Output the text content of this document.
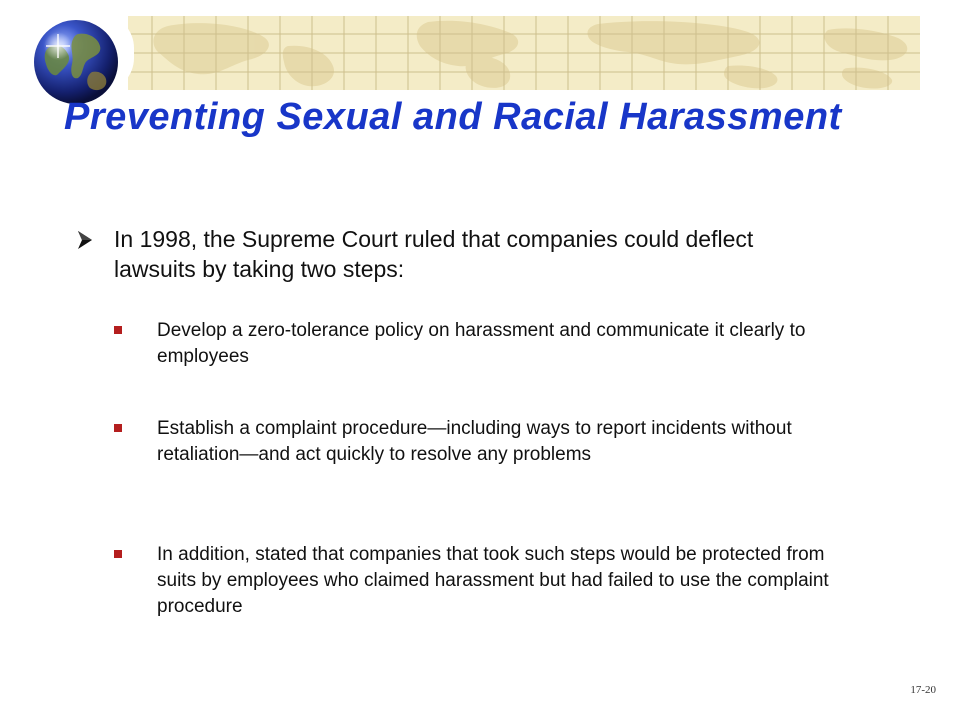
Preventing Sexual and Racial Harassment

In 1998, the Supreme Court ruled that companies could deflect lawsuits by taking two steps:

Develop a zero-tolerance policy on harassment and communicate it clearly to employees

Establish a complaint procedure—including ways to report incidents without retaliation—and act quickly to resolve any problems

In addition, stated that companies that took such steps would be protected from suits by employees who claimed harassment but had failed to use the complaint procedure

17-20
